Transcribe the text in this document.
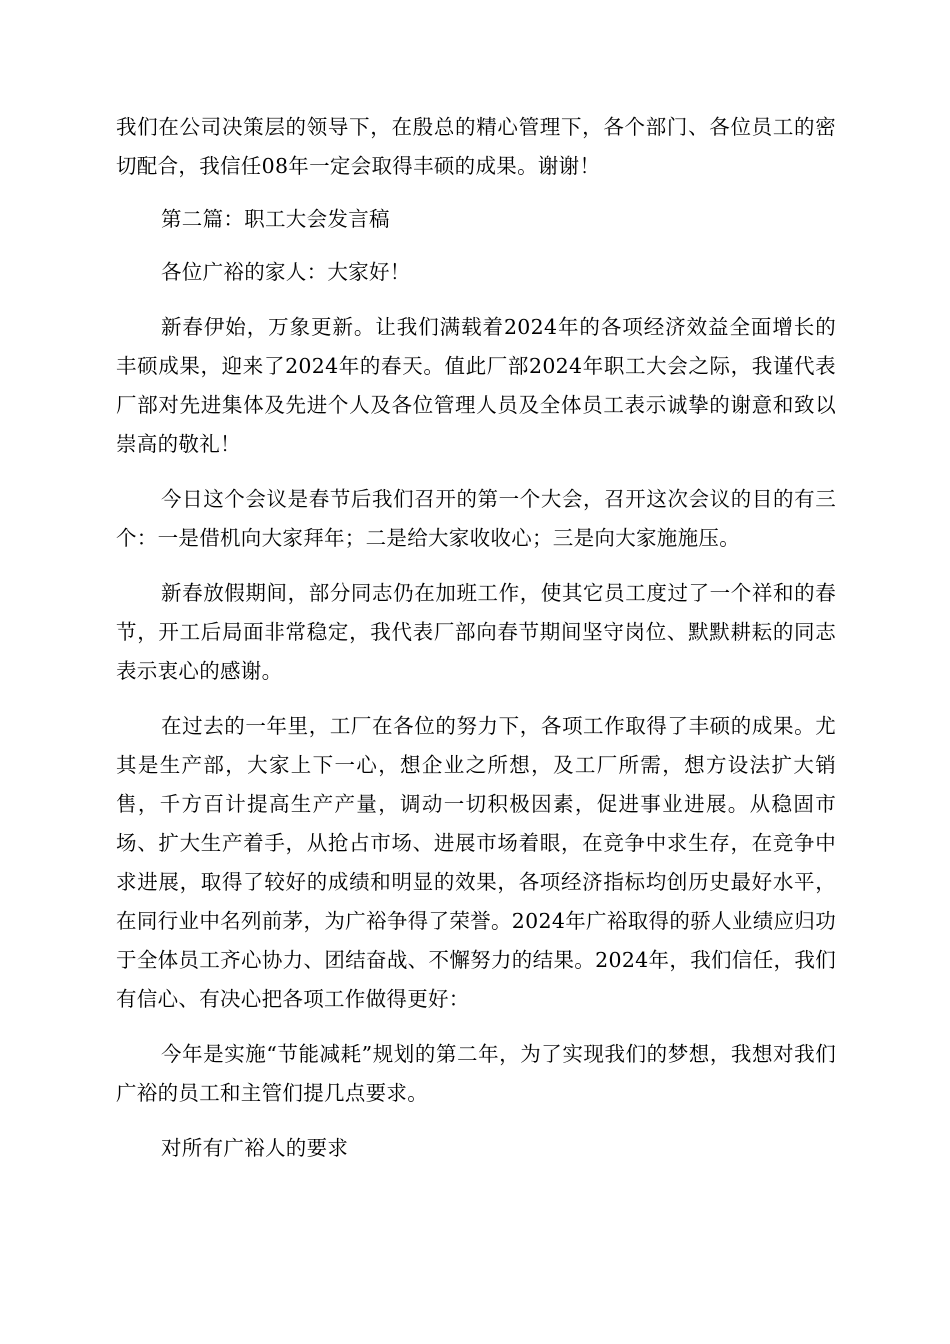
我们在公司决策层的领导下，在殷总的精心管理下，各个部门、各位员工的密切配合，我信任08年一定会取得丰硕的成果。谢谢！

第二篇：职工大会发言稿

各位广裕的家人：大家好！

新春伊始，万象更新。让我们满载着2024年的各项经济效益全面增长的丰硕成果，迎来了2024年的春天。值此厂部2024年职工大会之际，我谨代表厂部对先进集体及先进个人及各位管理人员及全体员工表示诚挚的谢意和致以崇高的敬礼！

今日这个会议是春节后我们召开的第一个大会，召开这次会议的目的有三个：一是借机向大家拜年；二是给大家收收心；三是向大家施施压。

新春放假期间，部分同志仍在加班工作，使其它员工度过了一个祥和的春节，开工后局面非常稳定，我代表厂部向春节期间坚守岗位、默默耕耘的同志表示衷心的感谢。

在过去的一年里，工厂在各位的努力下，各项工作取得了丰硕的成果。尤其是生产部，大家上下一心，想企业之所想，及工厂所需，想方设法扩大销售，千方百计提高生产产量，调动一切积极因素，促进事业进展。从稳固市场、扩大生产着手，从抢占市场、进展市场着眼，在竞争中求生存，在竞争中求进展，取得了较好的成绩和明显的效果，各项经济指标均创历史最好水平，在同行业中名列前茅，为广裕争得了荣誉。2024年广裕取得的骄人业绩应归功于全体员工齐心协力、团结奋战、不懈努力的结果。2024年，我们信任，我们有信心、有决心把各项工作做得更好：

今年是实施“节能减耗”规划的第二年，为了实现我们的梦想，我想对我们广裕的员工和主管们提几点要求。

对所有广裕人的要求
